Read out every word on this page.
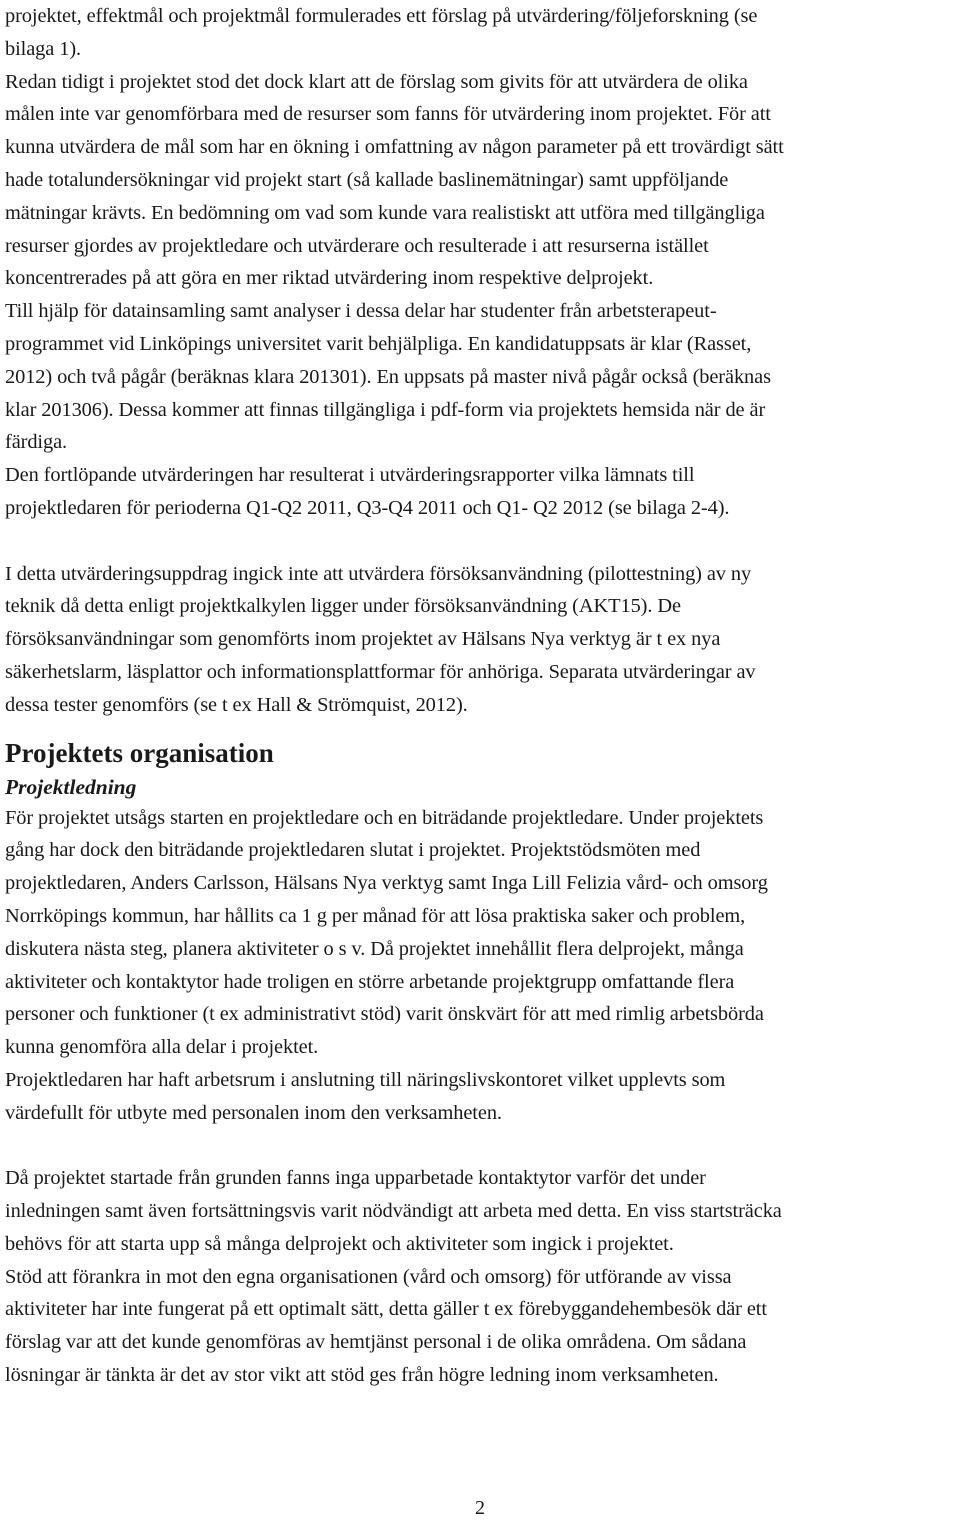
projektet, effektmål och projektmål formulerades ett förslag på utvärdering/följeforskning (se
bilaga 1).

Redan tidigt i projektet stod det dock klart att de förslag som givits för att utvärdera de olika
målen inte var genomförbara med de resurser som fanns för utvärdering inom projektet. För att
kunna utvärdera de mål som har en ökning i omfattning av någon parameter på ett trovärdigt sätt
hade totalundersökningar vid projekt start (så kallade baslinemätningar) samt uppföljande
mätningar krävts. En bedömning om vad som kunde vara realistiskt att utföra med tillgängliga
resurser gjordes av projektledare och utvärderare och resulterade i att resurserna istället
koncentrerades på att göra en mer riktad utvärdering inom respektive delprojekt.

Till hjälp för datainsamling samt analyser i dessa delar har studenter från arbetsterapeut-
programmet vid Linköpings universitet varit behjälpliga. En kandidatuppsats är klar (Rasset,
2012) och två pågår (beräknas klara 201301). En uppsats på master nivå pågår också (beräknas
klar 201306). Dessa kommer att finnas tillgängliga i pdf-form via projektets hemsida när de är
färdiga.

Den fortlöpande utvärderingen har resulterat i utvärderingsrapporter vilka lämnats till
projektledaren för perioderna Q1-Q2 2011, Q3-Q4 2011 och Q1- Q2 2012 (se bilaga 2-4).

I detta utvärderingsuppdrag ingick inte att utvärdera försöksanvändning (pilottestning) av ny
teknik då detta enligt projektkalkylen ligger under försöksanvändning (AKT15). De
försöksanvändningar som genomförts inom projektet av Hälsans Nya verktyg är t ex nya
säkerhetslarm, läsplattor och informationsplattformar för anhöriga. Separata utvärderingar av
dessa tester genomförs (se t ex Hall & Strömquist, 2012).

Projektets organisation
Projektledning

För projektet utsågs starten en projektledare och en biträdande projektledare. Under projektets
gång har dock den biträdande projektledaren slutat i projektet. Projektstödsmöten med
projektledaren, Anders Carlsson, Hälsans Nya verktyg samt Inga Lill Felizia vård- och omsorg
Norrköpings kommun, har hållits ca 1 g per månad för att lösa praktiska saker och problem,
diskutera nästa steg, planera aktiviteter o s v. Då projektet innehållit flera delprojekt, många
aktiviteter och kontaktytor hade troligen en större arbetande projektgrupp omfattande flera
personer och funktioner (t ex administrativt stöd) varit önskvärt för att med rimlig arbetsbörda
kunna genomföra alla delar i projektet.

Projektledaren har haft arbetsrum i anslutning till näringslivskontoret vilket upplevts som
värdefullt för utbyte med personalen inom den verksamheten.

Då projektet startade från grunden fanns inga upparbetade kontaktytor varför det under
inledningen samt även fortsättningsvis varit nödvändigt att arbeta med detta. En viss startsträcka
behövs för att starta upp så många delprojekt och aktiviteter som ingick i projektet.

Stöd att förankra in mot den egna organisationen (vård och omsorg) för utförande av vissa
aktiviteter har inte fungerat på ett optimalt sätt, detta gäller t ex förebyggandehembesök där ett
förslag var att det kunde genomföras av hemtjänst personal i de olika områdena. Om sådana
lösningar är tänkta är det av stor vikt att stöd ges från högre ledning inom verksamheten.

2
